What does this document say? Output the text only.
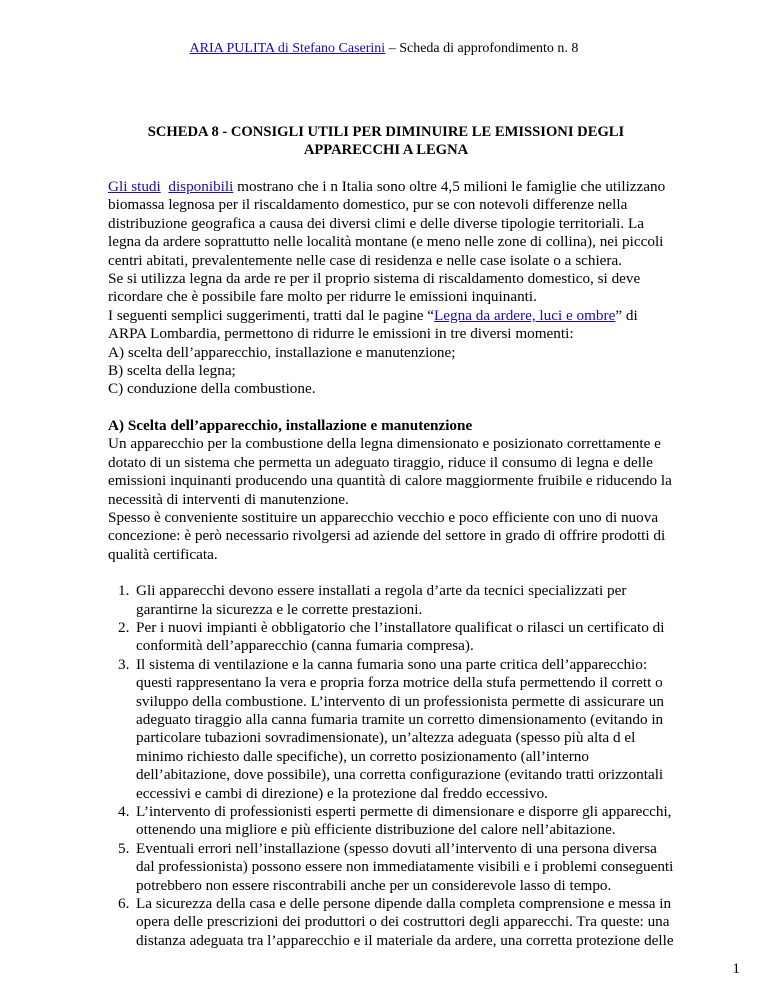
ARIA PULITA di Stefano Caserini – Scheda di approfondimento n. 8
SCHEDA 8 - CONSIGLI UTILI PER DIMINUIRE LE EMISSIONI DEGLI APPARECCHI A LEGNA

Gli studi disponibili mostrano che i n Italia sono oltre 4,5 milioni le famiglie che utilizzano biomassa legnosa per il riscaldamento domestico, pur se con notevoli differenze nella distribuzione geografica a causa dei diversi climi e delle diverse tipologie territoriali. La legna da ardere soprattutto nelle località montane (e meno nelle zone di collina), nei piccoli centri abitati, prevalentemente nelle case di residenza e nelle case isolate o a schiera.

Se si utilizza legna da arde re per il proprio sistema di riscaldamento domestico, si deve ricordare che è possibile fare molto per ridurre le emissioni inquinanti.

I seguenti semplici suggerimenti, tratti dal le pagine “Legna da ardere, luci e ombre” di ARPA Lombardia, permettono di ridurre le emissioni in tre diversi momenti:

A) scelta dell’apparecchio, installazione e manutenzione;

B) scelta della legna;

C) conduzione della combustione.

A) Scelta dell’apparecchio, installazione e manutenzione

Un apparecchio per la combustione della legna dimensionato e posizionato correttamente e dotato di un sistema che permetta un adeguato tiraggio, riduce il consumo di legna e delle emissioni inquinanti producendo una quantità di calore maggiormente fruibile e riducendo la necessità di interventi di manutenzione.

Spesso è conveniente sostituire un apparecchio vecchio e poco efficiente con uno di nuova concezione: è però necessario rivolgersi ad aziende del settore in grado di offrire prodotti di qualità certificata.

1. Gli apparecchi devono essere installati a regola d’arte da tecnici specializzati per garantirne la sicurezza e le corrette prestazioni.
2. Per i nuovi impianti è obbligatorio che l’installatore qualificat o rilasci un certificato di conformità dell’apparecchio (canna fumaria compresa).
3. Il sistema di ventilazione e la canna fumaria sono una parte critica dell’apparecchio: questi rappresentano la vera e propria forza motrice della stufa permettendo il corrett o sviluppo della combustione. L’intervento di un professionista permette di assicurare un adeguato tiraggio alla canna fumaria tramite un corretto dimensionamento (evitando in particolare tubazioni sovradimensionate), un’altezza adeguata (spesso più alta d el minimo richiesto dalle specifiche), un corretto posizionamento (all’interno dell’abitazione, dove possibile), una corretta configurazione (evitando tratti orizzontali eccessivi e cambi di direzione) e la protezione dal freddo eccessivo.
4. L’intervento di professionisti esperti permette di dimensionare e disporre gli apparecchi, ottenendo una migliore e più efficiente distribuzione del calore nell’abitazione.
5. Eventuali errori nell’installazione (spesso dovuti all’intervento di una persona diversa dal professionista) possono essere non immediatamente visibili e i problemi conseguenti potrebbero non essere riscontrabili anche per un considerevole lasso di tempo.
6. La sicurezza della casa e delle persone dipende dalla completa comprensione e messa in opera delle prescrizioni dei produttori o dei costruttori degli apparecchi. Tra queste: una distanza adeguata tra l’apparecchio e il materiale da ardere, una corretta protezione delle
1
